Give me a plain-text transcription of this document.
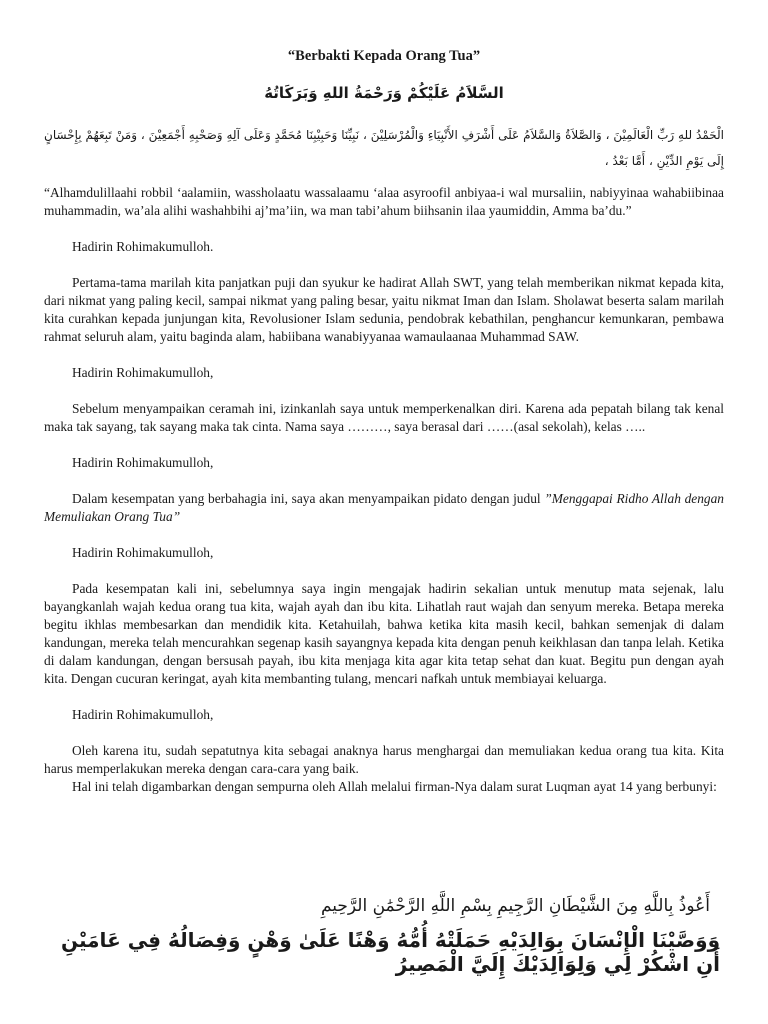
“Berbakti Kepada Orang Tua”
السَّلاَمُ عَلَيْكُمْ وَرَحْمَةُ اللهِ وَبَرَكَاتُهُ
الْحَمْدُ للهِ رَبِّ الْعَالَمِيْنَ ، وَالصَّلاَةُ وَالسَّلاَمُ عَلَى أَشْرَفِ الأَنْبِيَاءِ وَالْمُرْسَلِيْنَ ، نَبِيِّنَا وَحَبِيْبِنَا مُحَمَّدٍ وَعَلَى آلِهِ وَصَحْبِهِ أَجْمَعِيْنَ ، وَمَنْ تَبِعَهُمْ بِإِحْسَانٍ إِلَى يَوْمِ الدِّيْنِ ، أَمَّا بَعْدُ ،

“Alhamdulillaahi robbil ‘aalamiin, wassholaatu wassalaamu ‘alaa asyroofil anbiyaa-i wal mursaliin, nabiyyinaa wahabiibinaa muhammadin, wa’ala alihi washahbihi aj’ma’iin, wa man tabi’ahum biihsanin ilaa yaumiddin, Amma ba’du.”

Hadirin Rohimakumulloh.

Pertama-tama marilah kita panjatkan puji dan syukur ke hadirat Allah SWT, yang telah memberikan nikmat kepada kita, dari nikmat yang paling kecil, sampai nikmat yang paling besar, yaitu nikmat Iman dan Islam. Sholawat beserta salam marilah kita curahkan kepada junjungan kita, Revolusioner Islam sedunia, pendobrak kebathilan, penghancur kemunkaran, pembawa rahmat seluruh alam, yaitu baginda alam, habiibana wanabiyyanaa wamaulaanaa Muhammad SAW.

Hadirin Rohimakumulloh,

Sebelum menyampaikan ceramah ini, izinkanlah saya untuk memperkenalkan diri. Karena ada pepatah bilang tak kenal maka tak sayang, tak sayang maka tak cinta. Nama saya ………, saya berasal dari ……(asal sekolah), kelas …..

Hadirin Rohimakumulloh,

Dalam kesempatan yang berbahagia ini, saya akan menyampaikan pidato dengan judul ”Menggapai Ridho Allah dengan Memuliakan Orang Tua”

Hadirin Rohimakumulloh,

Pada kesempatan kali ini, sebelumnya saya ingin mengajak hadirin sekalian untuk menutup mata sejenak, lalu bayangkanlah wajah kedua orang tua kita, wajah ayah dan ibu kita. Lihatlah raut wajah dan senyum mereka. Betapa mereka begitu ikhlas membesarkan dan mendidik kita. Ketahuilah, bahwa ketika kita masih kecil, bahkan semenjak di dalam kandungan, mereka telah mencurahkan segenap kasih sayangnya kepada kita dengan penuh keikhlasan dan tanpa lelah. Ketika di dalam kandungan, dengan bersusah payah, ibu kita menjaga kita agar kita tetap sehat dan kuat. Begitu pun dengan ayah kita. Dengan cucuran keringat, ayah kita membanting tulang, mencari nafkah untuk membiayai keluarga.

Hadirin Rohimakumulloh,

Oleh karena itu, sudah sepatutnya kita sebagai anaknya harus menghargai dan memuliakan kedua orang tua kita. Kita harus memperlakukan mereka dengan cara-cara yang baik.

Hal ini telah digambarkan dengan sempurna oleh Allah melalui firman-Nya dalam surat Luqman ayat 14 yang berbunyi:

أَعُوذُ بِاللَّهِ مِنَ الشَّيْطَانِ الرَّجِيمِ بِسْمِ اللَّهِ الرَّحْمَٰنِ الرَّحِيمِ
وَوَصَّيْنَا الْإِنْسَانَ بِوَالِدَيْهِ حَمَلَتْهُ أُمُّهُ وَهْنًا عَلَىٰ وَهْنٍ وَفِصَالُهُ فِي عَامَيْنِ أَنِ اشْكُرْ لِي وَلِوَالِدَيْكَ إِلَيَّ الْمَصِيرُ
